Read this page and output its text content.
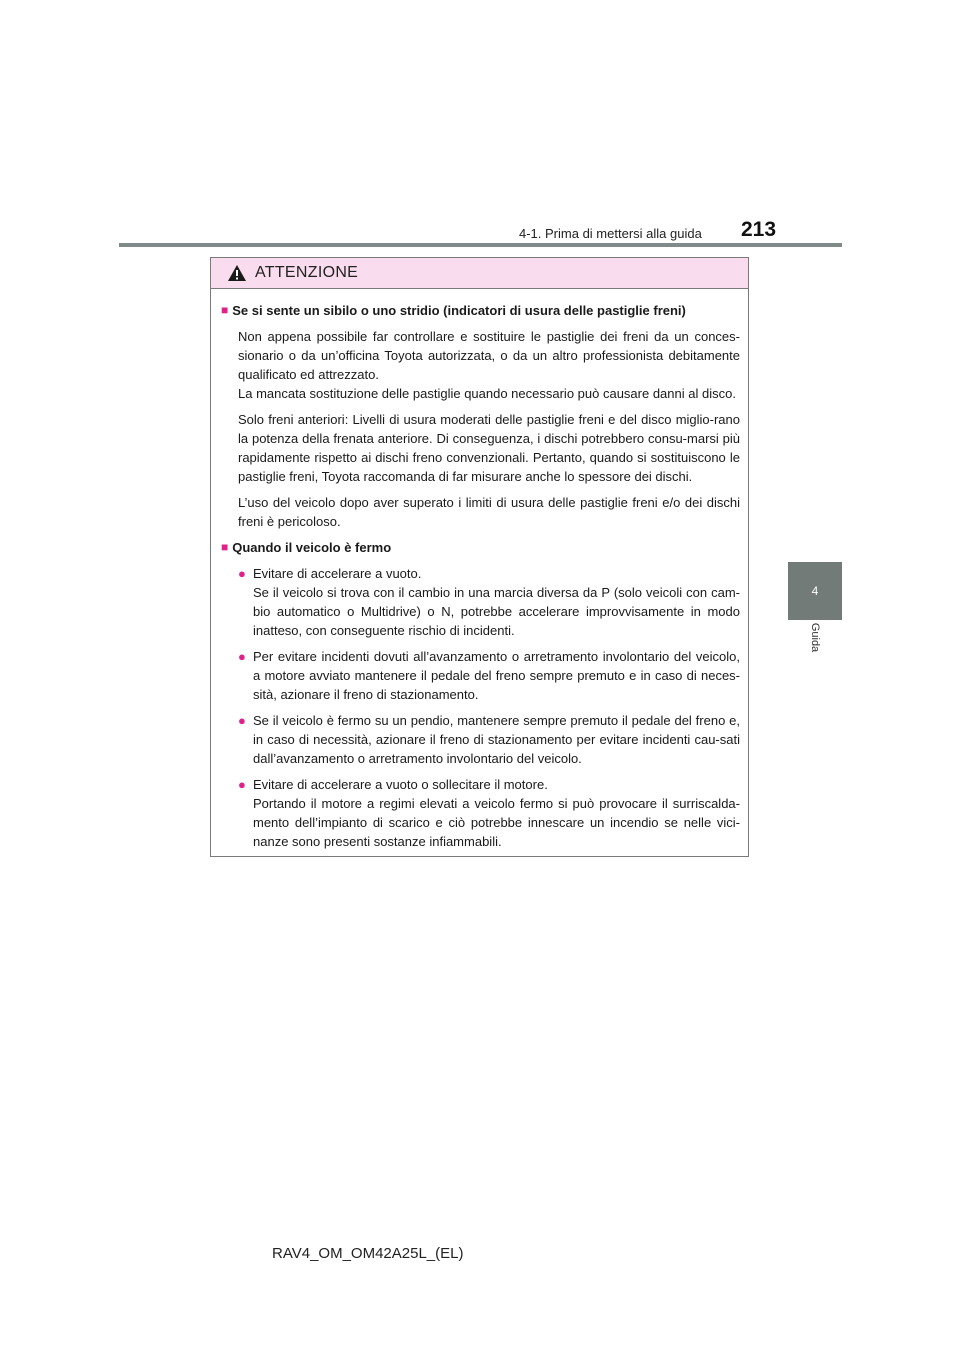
4-1. Prima di mettersi alla guida 213
4
Guida
ATTENZIONE
■ Se si sente un sibilo o uno stridio (indicatori di usura delle pastiglie freni)
Non appena possibile far controllare e sostituire le pastiglie dei freni da un conces-sionario o da un’officina Toyota autorizzata, o da un altro professionista debitamente qualificato ed attrezzato.
La mancata sostituzione delle pastiglie quando necessario può causare danni al disco.
Solo freni anteriori: Livelli di usura moderati delle pastiglie freni e del disco miglio-rano la potenza della frenata anteriore. Di conseguenza, i dischi potrebbero consu-marsi più rapidamente rispetto ai dischi freno convenzionali. Pertanto, quando si sostituiscono le pastiglie freni, Toyota raccomanda di far misurare anche lo spessore dei dischi.
L’uso del veicolo dopo aver superato i limiti di usura delle pastiglie freni e/o dei dischi freni è pericoloso.
■ Quando il veicolo è fermo
● Evitare di accelerare a vuoto.
Se il veicolo si trova con il cambio in una marcia diversa da P (solo veicoli con cam-bio automatico o Multidrive) o N, potrebbe accelerare improvvisamente in modo inatteso, con conseguente rischio di incidenti.
● Per evitare incidenti dovuti all’avanzamento o arretramento involontario del veicolo, a motore avviato mantenere il pedale del freno sempre premuto e in caso di neces-sità, azionare il freno di stazionamento.
● Se il veicolo è fermo su un pendio, mantenere sempre premuto il pedale del freno e, in caso di necessità, azionare il freno di stazionamento per evitare incidenti cau-sati dall’avanzamento o arretramento involontario del veicolo.
● Evitare di accelerare a vuoto o sollecitare il motore.
Portando il motore a regimi elevati a veicolo fermo si può provocare il surriscalda-mento dell’impianto di scarico e ciò potrebbe innescare un incendio se nelle vici-nanze sono presenti sostanze infiammabili.
RAV4_OM_OM42A25L_(EL)
